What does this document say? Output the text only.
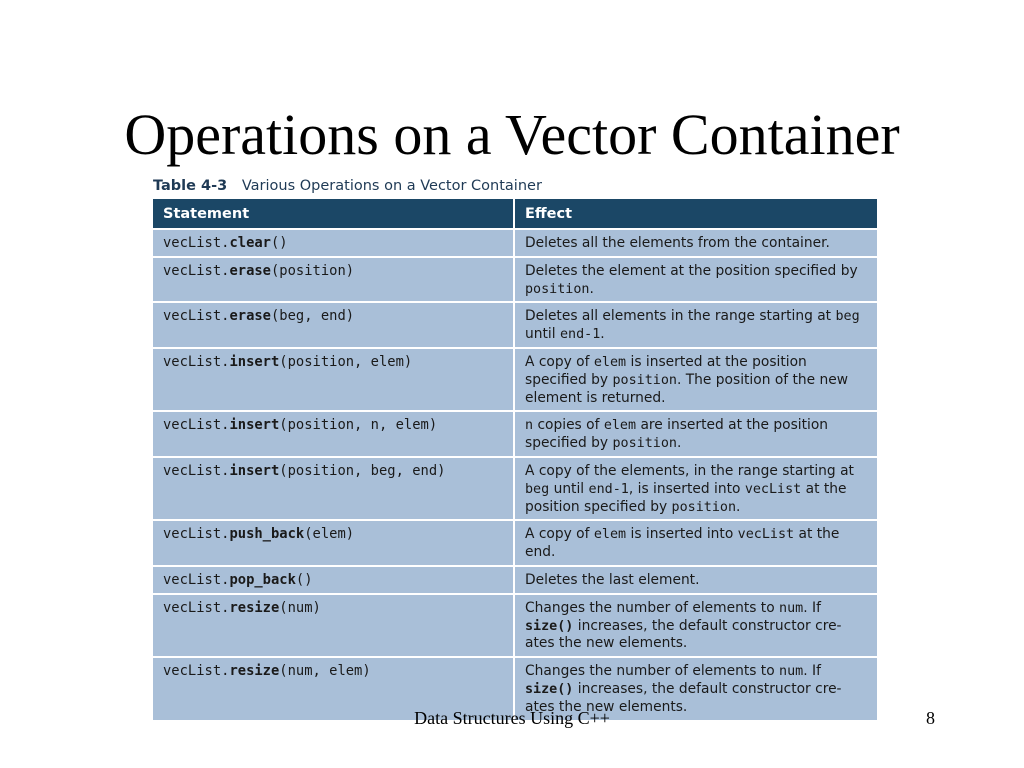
Operations on a Vector Container

Table 4-3 Various Operations on a Vector Container

Statement	Effect
vecList.clear()	Deletes all the elements from the container.
vecList.erase(position)	Deletes the element at the position specified by position.
vecList.erase(beg, end)	Deletes all elements in the range starting at beg until end-1.
vecList.insert(position, elem)	A copy of elem is inserted at the position specified by position. The position of the new element is returned.
vecList.insert(position, n, elem)	n copies of elem are inserted at the position specified by position.
vecList.insert(position, beg, end)	A copy of the elements, in the range starting at beg until end-1, is inserted into vecList at the position specified by position.
vecList.push_back(elem)	A copy of elem is inserted into vecList at the end.
vecList.pop_back()	Deletes the last element.
vecList.resize(num)	Changes the number of elements to num. If size() increases, the default constructor cre-ates the new elements.
vecList.resize(num, elem)	Changes the number of elements to num. If size() increases, the default constructor cre-ates the new elements.
Data Structures Using C++	8
